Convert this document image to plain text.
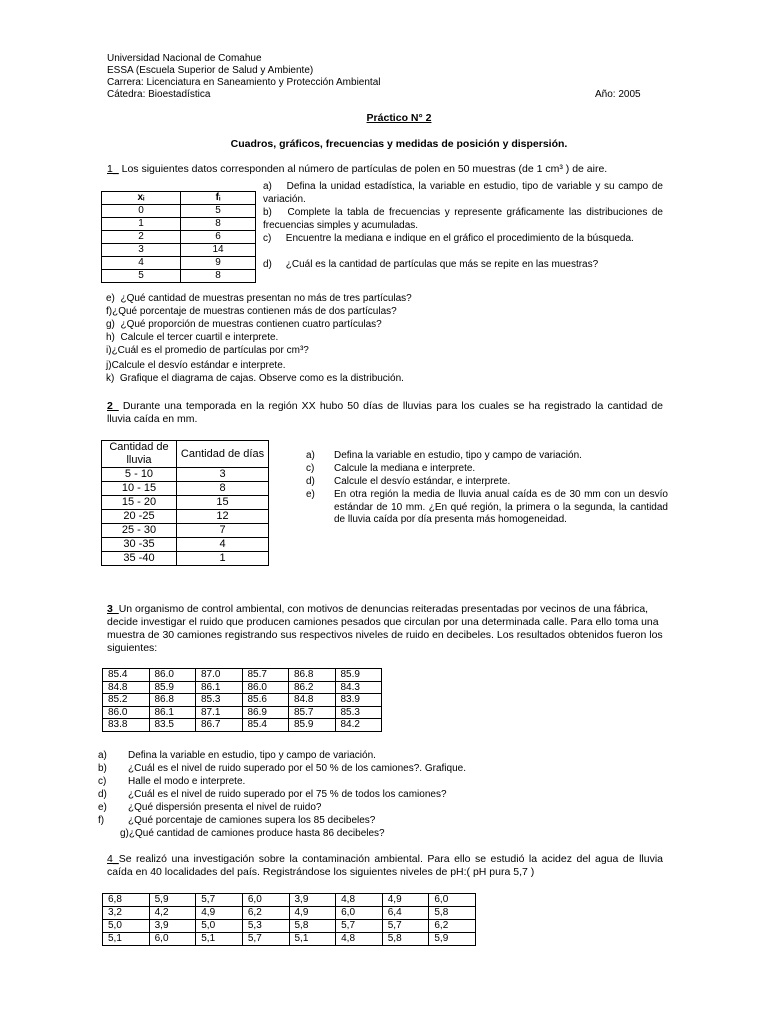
Universidad Nacional de Comahue
ESSA (Escuela Superior de Salud y Ambiente)
Carrera: Licenciatura en Saneamiento y Protección Ambiental
Cátedra: Bioestadística	Año: 2005
Práctico N° 2
Cuadros, gráficos, frecuencias y medidas de posición y dispersión.
1_ Los siguientes datos corresponden al número de partículas de polen en 50 muestras (de 1 cm³ ) de aire.
xᵢ	fᵢ
0	5
1	8
2	6
3	14
4	9
5	8
a) Defina la unidad estadística, la variable en estudio, tipo de variable y su campo de variación.
b) Complete la tabla de frecuencias y represente gráficamente las distribuciones de frecuencias simples y acumuladas.
c) Encuentre la mediana e indique en el gráfico el procedimiento de la búsqueda.
d) ¿Cuál es la cantidad de partículas que más se repite en las muestras?
e) ¿Qué cantidad de muestras presentan no más de tres partículas?
f)¿Qué porcentaje de muestras contienen más de dos partículas?
g) ¿Qué proporción de muestras contienen cuatro partículas?
h) Calcule el tercer cuartil e interprete.
i)¿Cuál es el promedio de partículas por cm³?
j)Calcule el desvío estándar e interprete.
k) Grafique el diagrama de cajas. Observe como es la distribución.
2_ Durante una temporada en la región XX hubo 50 días de lluvias para los cuales se ha registrado la cantidad de lluvia caída en mm.
Cantidad de lluvia	Cantidad de días
5 - 10	3
10 - 15	8
15 - 20	15
20 -25	12
25 - 30	7
30 -35	4
35 -40	1
a) Defina la variable en estudio, tipo y campo de variación.
c) Calcule la mediana e interprete.
d) Calcule el desvío estándar, e interprete.
e)	En otra región la media de lluvia anual caída es de 30 mm con un desvío estándar de 10 mm. ¿En qué región, la primera o la segunda, la cantidad de lluvia caída por día presenta más homogeneidad.
3_Un organismo de control ambiental, con motivos de denuncias reiteradas presentadas por vecinos de una fábrica, decide investigar el ruido que producen camiones pesados que circulan por una determinada calle. Para ello toma una muestra de 30 camiones registrando sus respectivos niveles de ruido en decibeles. Los resultados obtenidos fueron los siguientes:
85.4	86.0	87.0	85.7	86.8	85.9
84.8	85.9	86.1	86.0	86.2	84.3
85.2	86.8	85.3	85.6	84.8	83.9
86.0	86.1	87.1	86.9	85.7	85.3
83.8	83.5	86.7	85.4	85.9	84.2
a) Defina la variable en estudio, tipo y campo de variación.
b) ¿Cuál es el nivel de ruido superado por el 50 % de los camiones?. Grafique.
c) Halle el modo e interprete.
d) ¿Cuál es el nivel de ruido superado por el 75 % de todos los camiones?
e) ¿Qué dispersión presenta el nivel de ruido?
f) ¿Qué porcentaje de camiones supera los 85 decibeles?
g)¿Qué cantidad de camiones produce hasta 86 decibeles?
4_Se realizó una investigación sobre la contaminación ambiental. Para ello se estudió la acidez del agua de lluvia caída en 40 localidades del país. Registrándose los siguientes niveles de pH:( pH pura 5,7 )
6,8	5,9	5,7	6,0	3,9	4,8	4,9	6,0
3,2	4,2	4,9	6,2	4,9	6,0	6,4	5,8
5,0	3,9	5,0	5,3	5,8	5,7	5,7	6,2
5,1	6,0	5,1	5,7	5,1	4,8	5,8	5,9
